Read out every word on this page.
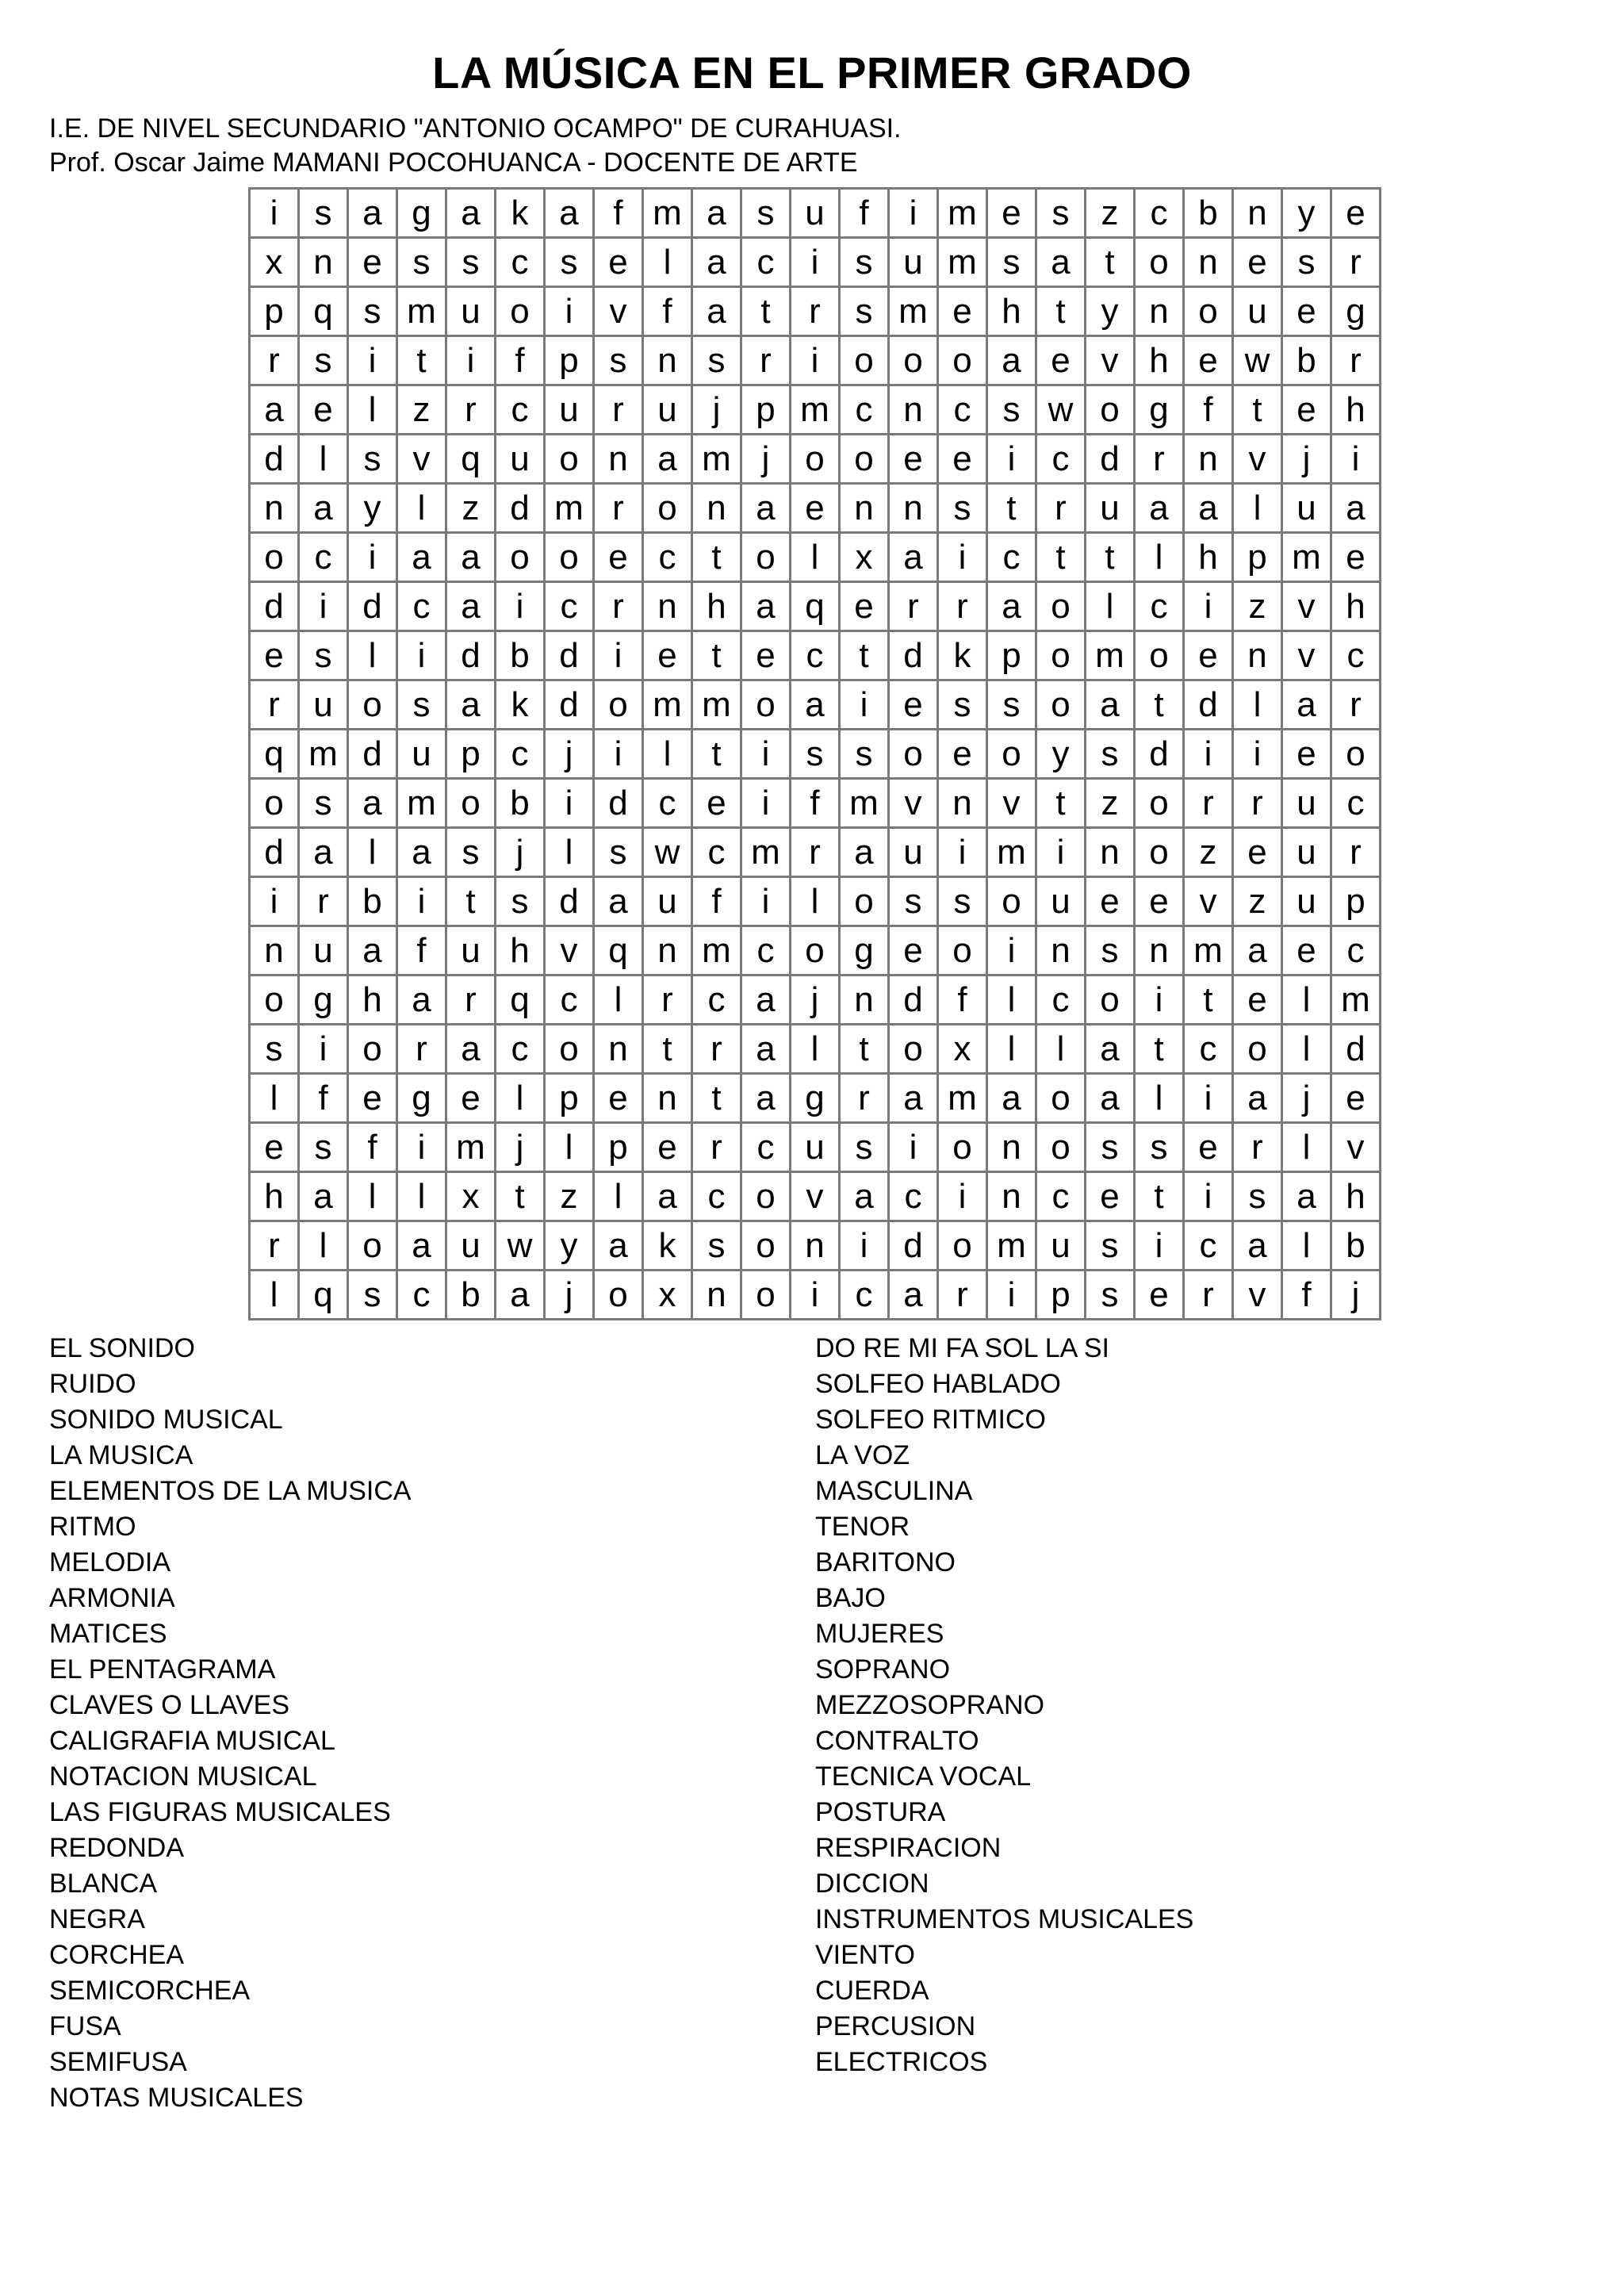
LA MÚSICA EN EL PRIMER GRADO
I.E. DE NIVEL SECUNDARIO "ANTONIO OCAMPO" DE CURAHUASI.
Prof. Oscar Jaime MAMANI POCOHUANCA - DOCENTE DE ARTE
i	s a g a k a f m a s u f	i m e s z c b n y e
x n e s s c s e	l	a c	i	s u m s a t o n e s r
p q s m u o	i	v	f a t	r s m e h t	y n o u e g
r s	i	t	i	f p s n s r	i	o o o a e v h e w b r
a e	l	z r c u r u	j	p m c n c s w o g f	t e h
d	l	s v q u o n a m j	o o e e	i	c d r n v	j	i
n a y	l	z d m r o n a e n n s	t	r u a a	l	u a
o c	i	a a o o e c	t o	l	x a	i	c	t	t	l	h p m e
d	i	d c a	i	c r n h a q e r	r a o	l	c	i	z v h
e s	l	i	d b d	i	e t e c	t d k p o m o e n v c
r u o s a k d o m m o a	i	e s s o a t d	l	a r
q m d u p c	j	i	l	t	i	s s o e o y s d	i	i	e o
o s a m o b	i	d c e	i	f m v n v	t	z o r	r u c
d a	l	a s	j	l	s w c m r a u	i m i	n o z e u r
i	r b	i	t	s d a u f	i	l	o s s o u e e v z u p
n u a f u h v q n m c o g e o	i	n s n m a e c
o g h a r q c	l	r c a	j	n d f	l	c o	i	t e	l m
s	i	o r a c o n t	r a	l	t o x	l	l	a t	c o	l	d
l	f e g e	l	p e n t a g r a m a o a	l	i	a	j	e
e s	f	i m j	l	p e r c u s	i	o n o s s e r	l	v
h a	l	l	x	t	z	l	a c o v a c	i	n c e t	i	s a h
r	l	o a u w y a k s o n	i	d o m u s	i	c a	l	b
l	q s c b a	j	o x n o	i	c a r	i	p s e r v	f	j
EL SONIDO
RUIDO
SONIDO MUSICAL
LA MUSICA
ELEMENTOS DE LA MUSICA
RITMO
MELODIA
ARMONIA
MATICES
EL PENTAGRAMA
CLAVES O LLAVES
CALIGRAFIA MUSICAL
NOTACION MUSICAL
LAS FIGURAS MUSICALES
REDONDA
BLANCA
NEGRA
CORCHEA
SEMICORCHEA
FUSA
SEMIFUSA
NOTAS MUSICALES
DO RE MI FA SOL LA SI
SOLFEO HABLADO
SOLFEO RITMICO
LA VOZ
MASCULINA
TENOR
BARITONO
BAJO
MUJERES
SOPRANO
MEZZOSOPRANO
CONTRALTO
TECNICA VOCAL
POSTURA
RESPIRACION
DICCION
INSTRUMENTOS MUSICALES
VIENTO
CUERDA
PERCUSION
ELECTRICOS
